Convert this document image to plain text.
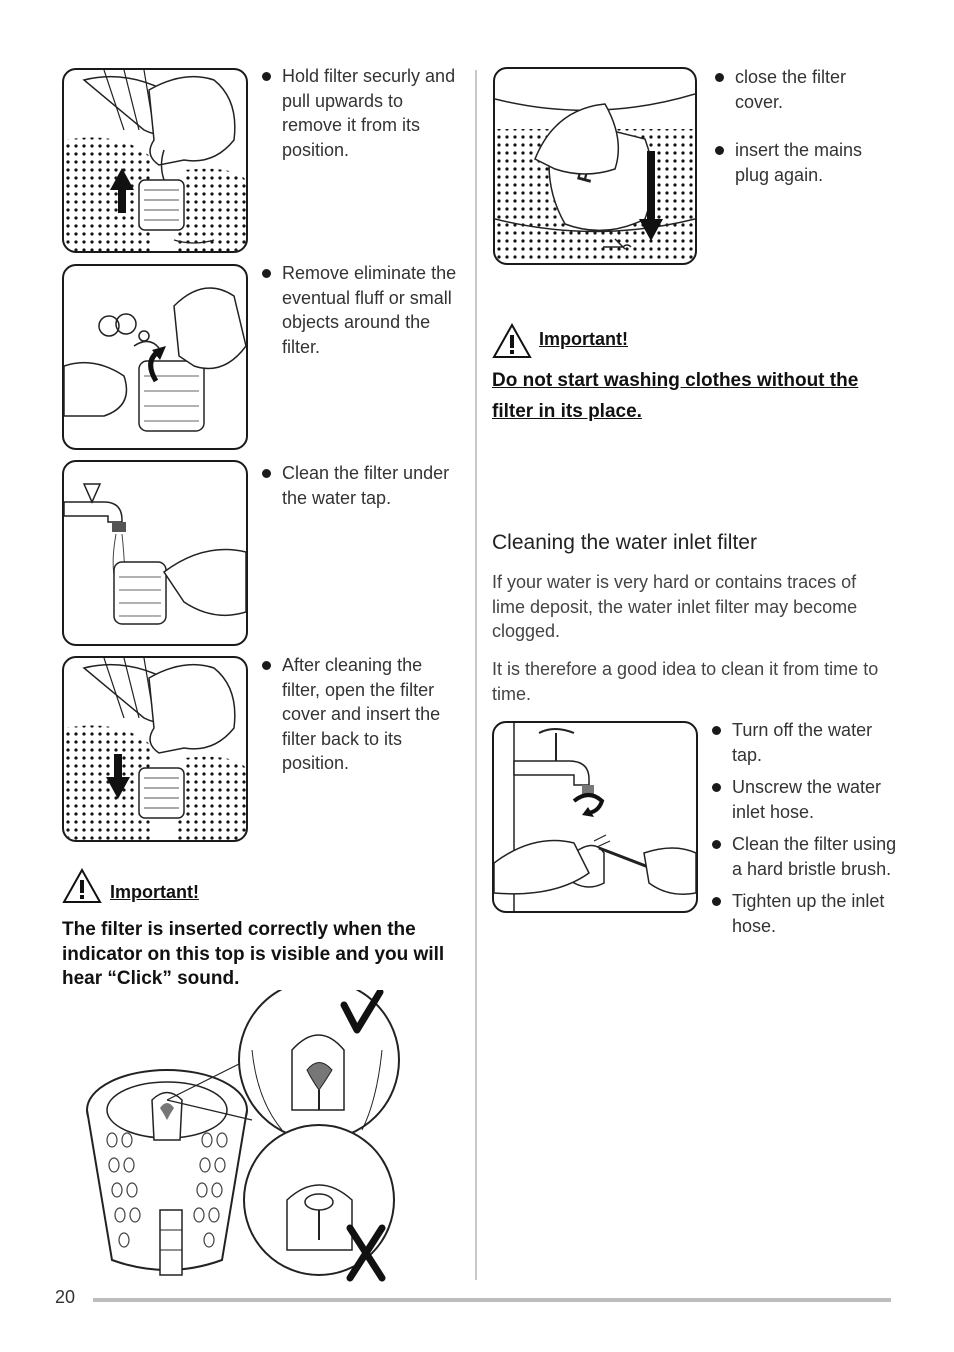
Hold filter securly and pull upwards to remove it from its position.
Remove eliminate the eventual fluff or small objects around the filter.
Clean the filter under the water tap.
After cleaning the filter, open the filter cover and insert the filter back to its position.
Important!

The filter is inserted correctly when the indicator on this top is visible and you will hear “Click” sound.

close the filter cover.
insert the mains plug again.
Important!
Do not start washing clothes without the
filter in its place.
Cleaning the water inlet filter

If your water is very hard or contains traces of lime deposit, the water inlet filter may become clogged.

It is therefore a good idea to clean it from time to time.

Turn off the water tap.
Unscrew the water inlet hose.
Clean the filter using a hard bristle brush.
Tighten up the inlet hose.
20
